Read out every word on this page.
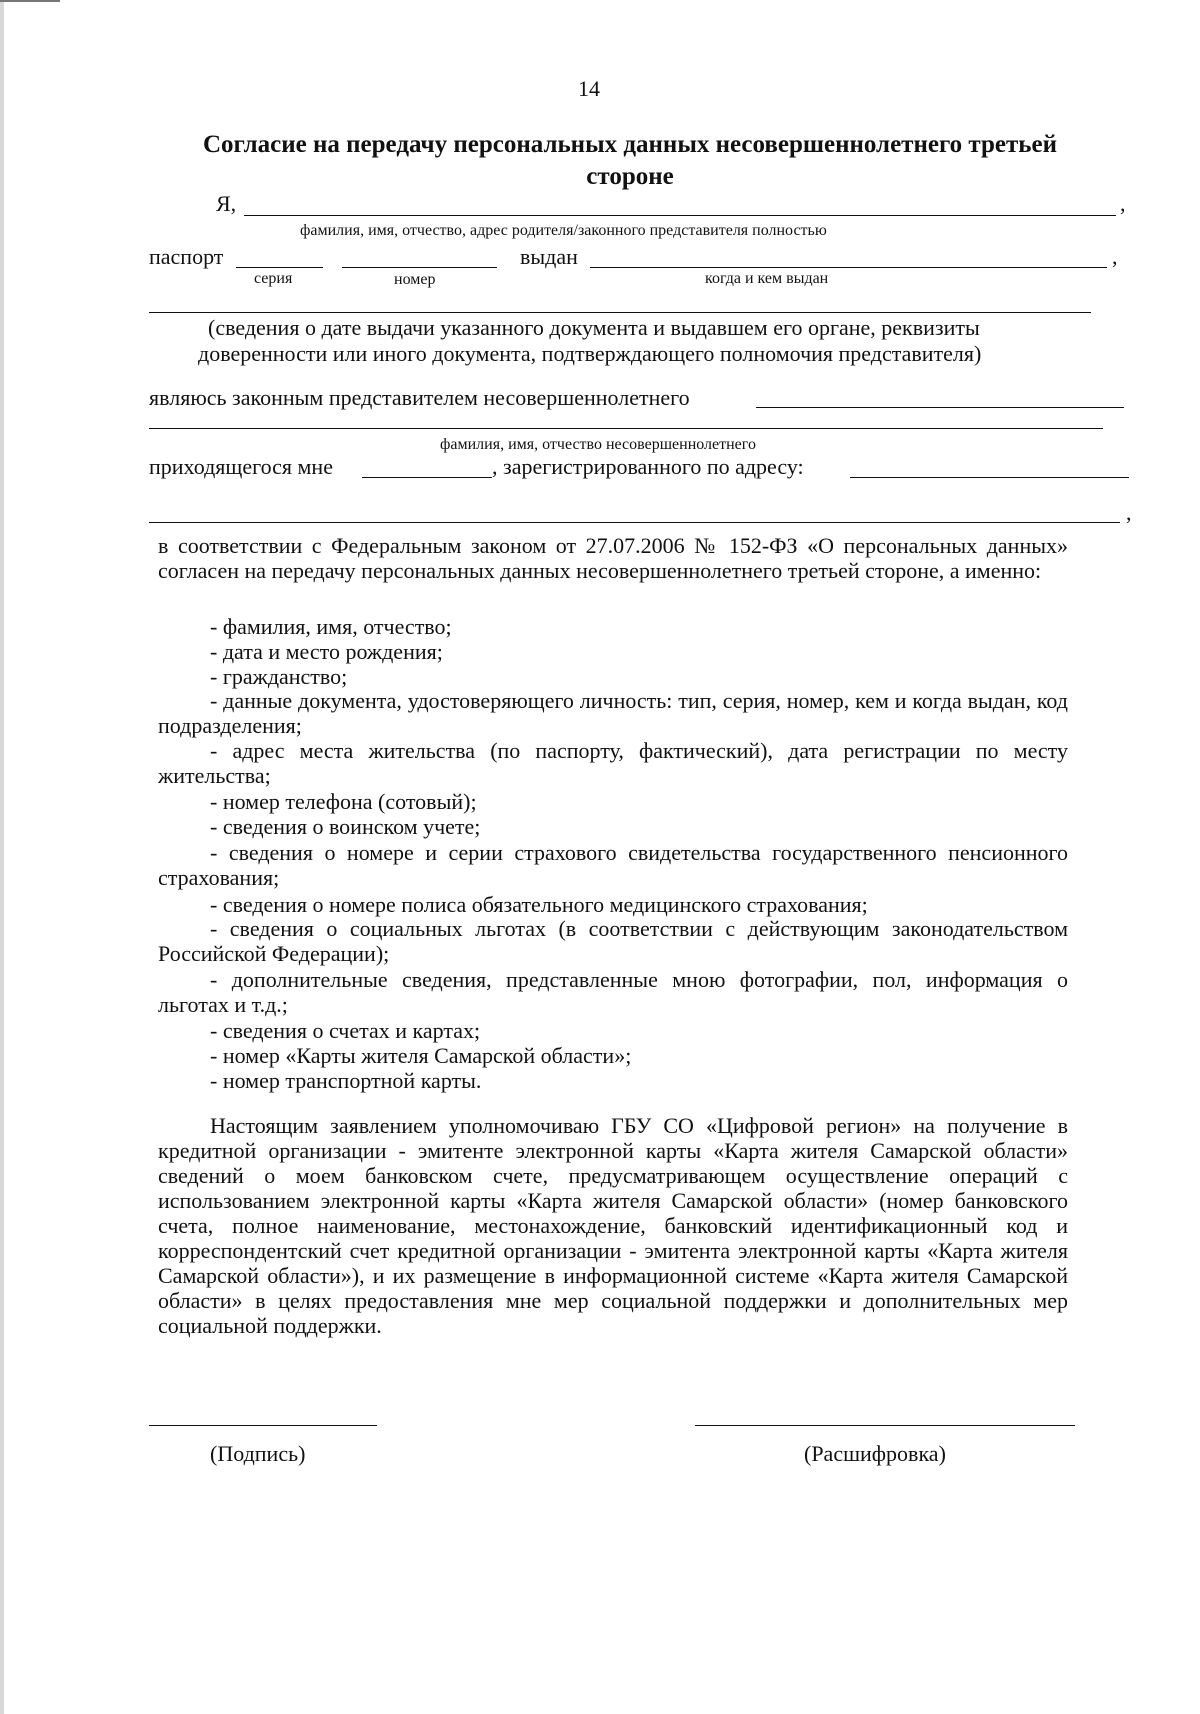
14
Согласие на передачу персональных данных несовершеннолетнего третьей
стороне
Я,	,
фамилия, имя, отчество, адрес родителя/законного представителя полностью
паспорт	выдан	,
серия	номер	когда и кем выдан
(сведения о дате выдачи указанного документа и выдавшем его органе, реквизиты
доверенности или иного документа, подтверждающего полномочия представителя)
являюсь законным представителем несовершеннолетнего
фамилия, имя, отчество несовершеннолетнего
приходящегося мне	, зарегистрированного по адресу:
,
в соответствии с Федеральным законом от 27.07.2006 № 152-ФЗ «О персональных данных» согласен на передачу персональных данных несовершеннолетнего третьей стороне, а именно:
- фамилия, имя, отчество;
- дата и место рождения;
- гражданство;
- данные документа, удостоверяющего личность: тип, серия, номер, кем и когда выдан, код подразделения;
- адрес места жительства (по паспорту, фактический), дата регистрации по месту жительства;
- номер телефона (сотовый);
- сведения о воинском учете;
- сведения о номере и серии страхового свидетельства государственного пенсионного страхования;
- сведения о номере полиса обязательного медицинского страхования;
- сведения о социальных льготах (в соответствии с действующим законодательством Российской Федерации);
- дополнительные сведения, представленные мною фотографии, пол, информация о льготах и т.д.;
- сведения о счетах и картах;
- номер «Карты жителя Самарской области»;
- номер транспортной карты.
Настоящим заявлением уполномочиваю ГБУ СО «Цифровой регион» на получение в кредитной организации - эмитенте электронной карты «Карта жителя Самарской области» сведений о моем банковском счете, предусматривающем осуществление операций с использованием электронной карты «Карта жителя Самарской области» (номер банковского счета, полное наименование, местонахождение, банковский идентификационный код и корреспондентский счет кредитной организации - эмитента электронной карты «Карта жителя Самарской области»), и их размещение в информационной системе «Карта жителя Самарской области» в целях предоставления мне мер социальной поддержки и дополнительных мер социальной поддержки.
(Подпись)	(Расшифровка)
